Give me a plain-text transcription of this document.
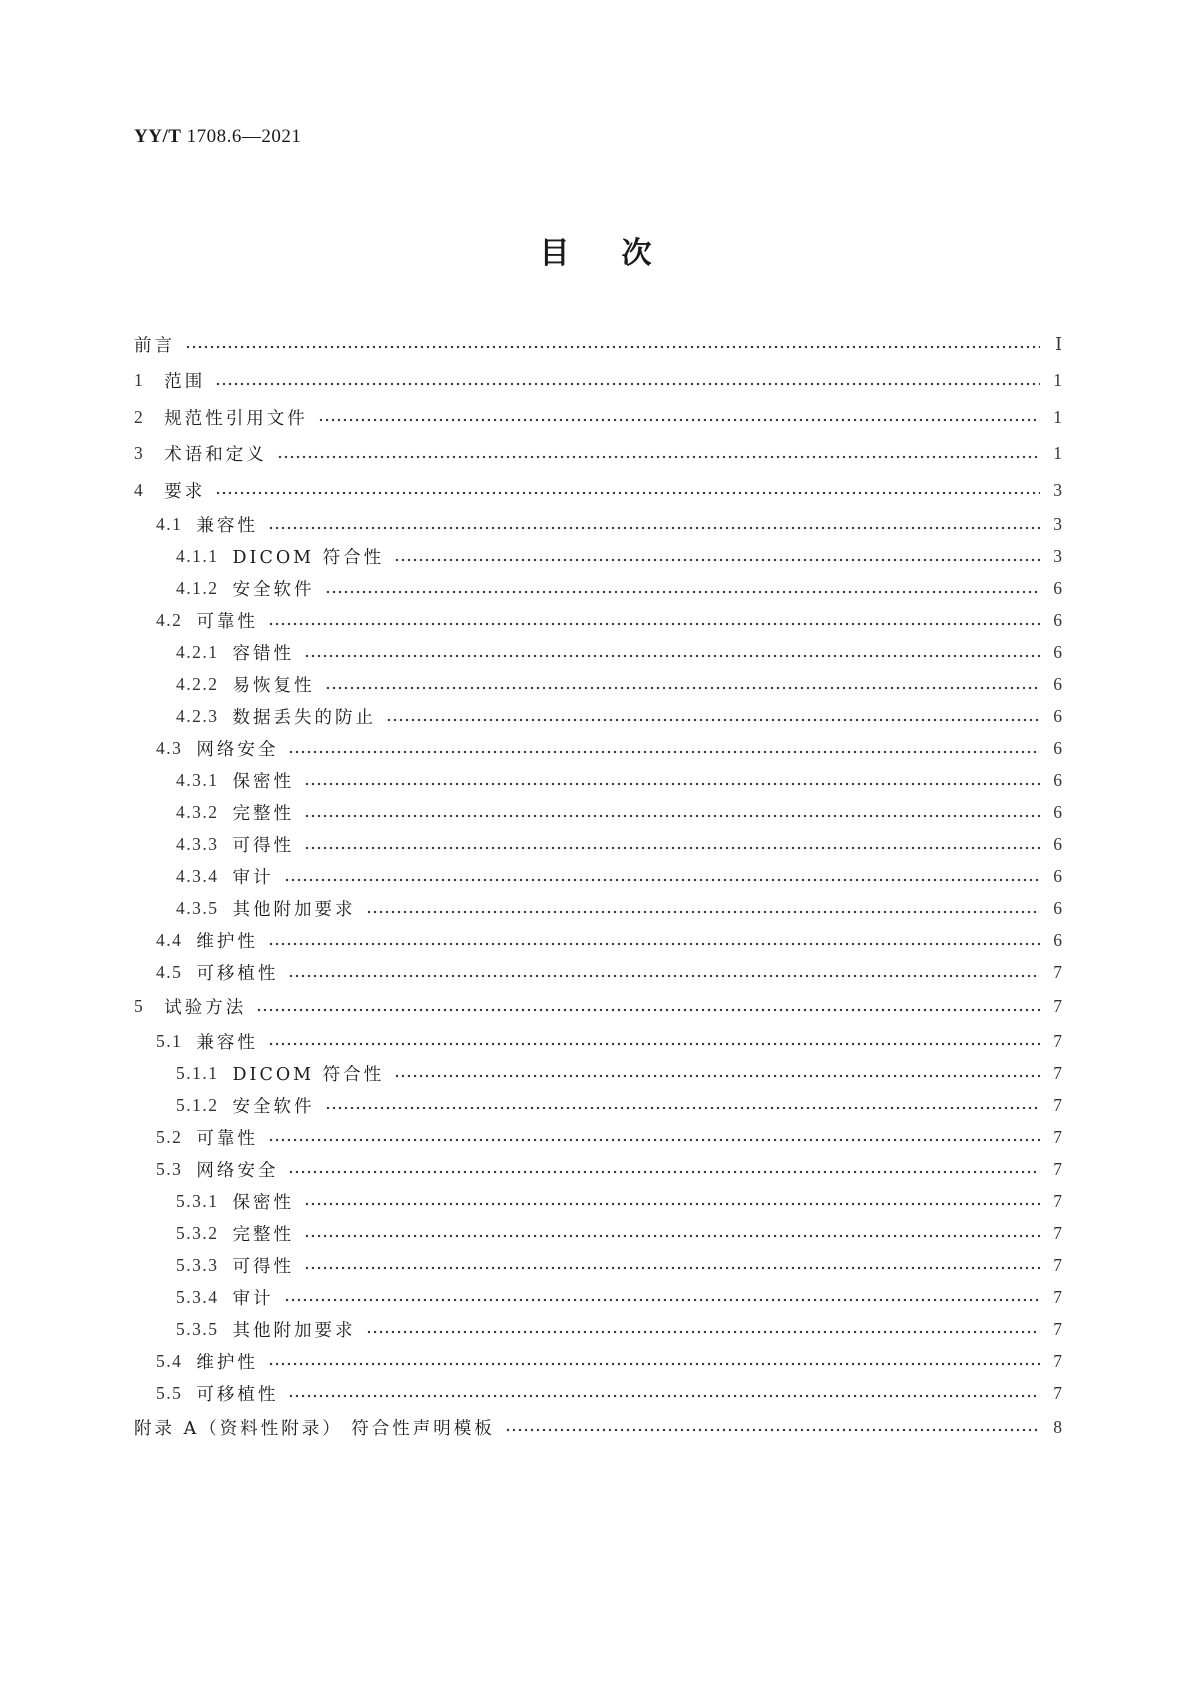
YY/T 1708.6—2021
目次
前言	Ⅰ
1 范围	1
2 规范性引用文件	1
3 术语和定义	1
4 要求	3
4.1 兼容性	3
4.1.1 DICOM 符合性	3
4.1.2 安全软件	6
4.2 可靠性	6
4.2.1 容错性	6
4.2.2 易恢复性	6
4.2.3 数据丢失的防止	6
4.3 网络安全	6
4.3.1 保密性	6
4.3.2 完整性	6
4.3.3 可得性	6
4.3.4 审计	6
4.3.5 其他附加要求	6
4.4 维护性	6
4.5 可移植性	7
5 试验方法	7
5.1 兼容性	7
5.1.1 DICOM 符合性	7
5.1.2 安全软件	7
5.2 可靠性	7
5.3 网络安全	7
5.3.1 保密性	7
5.3.2 完整性	7
5.3.3 可得性	7
5.3.4 审计	7
5.3.5 其他附加要求	7
5.4 维护性	7
5.5 可移植性	7
附录 A（资料性附录） 符合性声明模板	8
